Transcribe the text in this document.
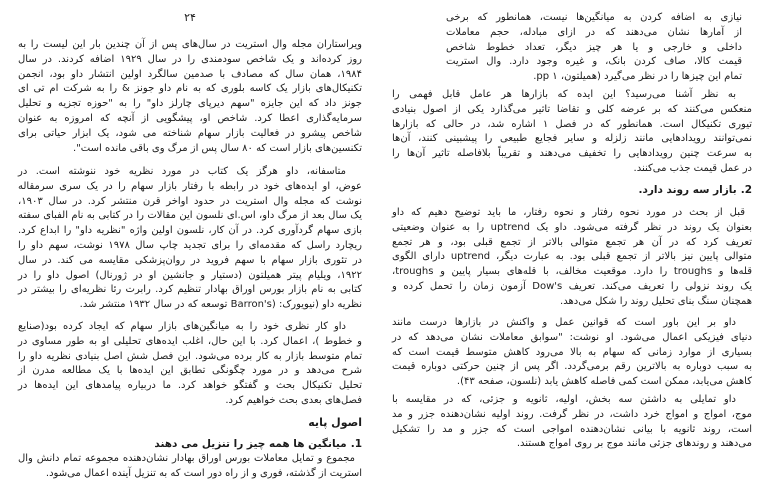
۲۴
ویراستاران مجله وال استریت در سال‌های پس از آن چندین بار این لیست را به
روز کرده‌اند و یک شاخص سودمندی را در سال ۱۹۲۹ اضافه کردند. در سال
۱۹۸۴، همان سال که مصادف با صدمین سالگرد اولین انتشار داو بود، انجمن
تکنیکال‌های بازار یک کاسه بلوری که به نام داو جونز & را به شرکت ام تی ای
جونز داد که این جایزه "سهم دیرپای چارلز داو" را به "حوزه تجزیه و تحلیل
سرمایه‌گذاری اعطا کرد. شاخص او، پیشگویی از آنچه که امروزه به عنوان
شاخص پیشرو در فعالیت بازار سهام شناخته می شود، یک ابزار حیاتی برای
تکنسین‌های بازار است که ۸۰ سال پس از مرگ وی باقی مانده است".
متاسفانه، داو هرگز یک کتاب در مورد نظریه خود ننوشته است. در
عوض، او ایده‌های خود در رابطه با رفتار بازار سهام را در یک سری سرمقاله
نوشت که مجله وال استریت در حدود اواخر قرن منتشر کرد. در سال ۱۹۰۳،
یک سال بعد از مرگ داو، اس.ای نلسون این مقالات را در کتابی به نام الفبای سفته
بازی سهام گردآوری کرد. در آن کار، نلسون اولین واژه "نظریه داو" را ابداع کرد.
ریچارد راسل که مقدمه‌ای را برای تجدید چاپ سال ۱۹۷۸ نوشت، سهم داو را
در تئوری بازار سهام با سهم فروید در روان‌پزشکی مقایسه می کند. در سال
۱۹۲۲، ویلیام پیتر همیلتون (دستیار و جانشین او در ژورنال) اصول داو را در
کتابی به نام بازار بورس اوراق بهادار تنظیم کرد. رابرت رئا نظریه‌ای را بیشتر در
نظریه داو (نیویورک: (Barron's توسعه که در سال ۱۹۳۲ منتشر شد.
داو کار نظری خود را به میانگین‌های بازار سهام که ایجاد کرده بود(صنایع
و خطوط )، اعمال کرد. با این حال، اغلب ایده‌های تحلیلی او به طور مساوی در
تمام متوسط بازار به کار برده می‌شود. این فصل شش اصل بنیادی نظریه داو را
شرح می‌دهد و در مورد چگونگی تطابق این ایده‌ها با یک مطالعه مدرن از
تحلیل تکنیکال بحث و گفتگو خواهد کرد. ما دربیاره پیامدهای این ایده‌ها در
فصل‌های بعدی بحث خواهیم کرد.
اصول پایه
1.میانگین ها همه چیز را تنزیل می دهند
مجموع و تمایل معاملات بورس اوراق بهادار نشان‌دهنده مجموعه تمام دانش وال
استریت از گذشته، فوری و از راه دور است که به تنزیل آینده اعمال می‌شود.
نیازی به اضافه کردن به میانگین‌ها نیست، همانطور که برخی
از آمارها نشان می‌دهند که در ازای مبادله، حجم معاملات
داخلی و خارجی و یا هر چیز دیگر، تعداد خطوط شاخص
قیمت کالا، صاف کردن بانک، و غیره وجود دارد. وال استریت
تمام این چیزها را در نظر می‌گیرد (همیلتون، pp ۱.
به نظر آشنا می‌رسید؟ این ایده که بازارها هر عامل قابل فهمی را
منعکس می‌کنند که بر عرضه کلی و تقاضا تاثیر می‌گذارد یکی از اصول بنیادی
تیوری تکنیکال است. همانطور که در فصل ۱ اشاره شد، در حالی که بازارها
نمی‌توانند رویدادهایی مانند زلزله و سایر فجایع طبیعی را پیشبینی کنند، آن‌ها
به سرعت چنین رویدادهایی را تخفیف می‌دهند و تقریباً بلافاصله تاثیر آن‌ها را
در عمل قیمت جذب می‌کنند.
2.بازار سه روند دارد.
قبل از بحث در مورد نحوه رفتار و نحوه رفتار، ما باید توضیح دهیم که داو
بعنوان یک روند در نظر گرفته می‌شود. داو یک uptrend را به عنوان وضعیتی
تعریف کرد که در آن هر تجمع متوالی بالاتر از تجمع قبلی بود، و هر تجمع
متوالی پایین نیز بالاتر از تجمع قبلی بود. به عبارت دیگر، uptrend دارای الگوی
قله‌ها و troughs را دارد. موقعیت مخالف، با قله‌های بسیار پایین و troughs،
یک روند نزولی را تعریف می‌کند. تعریف Dow's آزمون زمان را تحمل کرده و
همچنان سنگ بنای تحلیل روند را شکل می‌دهد.
داو بر این باور است که قوانین عمل و واکنش در بازارها درست مانند
دنیای فیزیکی اعمال می‌شود. او نوشت: "سوابق معاملات نشان می‌دهد که در
بسیاری از موارد زمانی که سهام به بالا می‌رود کاهش متوسط قیمت است که
به سبب دوباره به بالاترین رقم برمی‌گردد. اگر پس از چنین حرکتی دوباره قیمت
کاهش می‌یابد، ممکن است کمی فاصله کاهش یابد (نلسون، صفحه ۴۳).
داو تمایلی به داشتن سه بخش، اولیه، ثانویه و جزئی، که در مقایسه با
موج، امواج و امواج خرد داشت، در نظر گرفت. روند اولیه نشان‌دهنده جزر و مد
است، روند ثانویه با بیانی نشان‌دهنده امواجی است که جزر و مد را تشکیل
می‌دهند و روندهای جزئی مانند موج بر روی امواج هستند.
